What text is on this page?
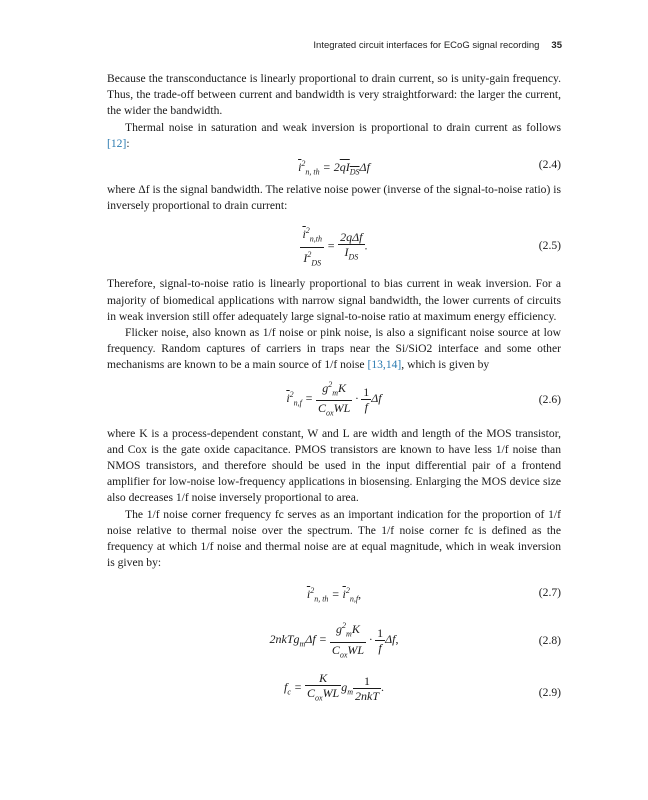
Integrated circuit interfaces for ECoG signal recording 35

Because the transconductance is linearly proportional to drain current, so is unity-gain frequency. Thus, the trade-off between current and bandwidth is very straightforward: the larger the current, the wider the bandwidth.

Thermal noise in saturation and weak inversion is proportional to drain current as follows [12]:

$\overline{i}^2_{n, th} = 2qI_{DS}\Delta f$	(2.4)

where Δf is the signal bandwidth. The relative noise power (inverse of the signal-to-noise ratio) is inversely proportional to drain current:

$\frac{\overline{i}^2_{n,th}}{I^2_{DS}} = \frac{\text{2qΔf}}{I_{DS}}$ .	(2.5)

Therefore, signal-to-noise ratio is linearly proportional to bias current in weak inversion. For a majority of biomedical applications with narrow signal bandwidth, the lower currents of circuits in weak inversion still offer adequately large signal-to-noise ratio at maximum energy efficiency.

Flicker noise, also known as 1/f noise or pink noise, is also a significant noise source at low frequency. Random captures of carriers in traps near the Si/SiO2 interface and some other mechanisms are known to be a main source of 1/f noise [13,14], which is given by

$\overline{i}^2_{n,f} = \frac{g^2_mK}{C_{ox}WL} \cdot \frac{1}{f}$ Δf	(2.6)

where K is a process-dependent constant, W and L are width and length of the MOS transistor, and Cox is the gate oxide capacitance. PMOS transistors are known to have less 1/f noise than NMOS transistors, and therefore should be used in the input differential pair of a frontend amplifier for low-noise low-frequency applications in biosensing. Enlarging the MOS device size also decreases 1/f noise inversely proportional to area.

The 1/f noise corner frequency fc serves as an important indication for the proportion of 1/f noise relative to thermal noise over the spectrum. The 1/f noise corner fc is defined as the frequency at which 1/f noise and thermal noise are at equal magnitude, which in weak inversion is given by:

$\overline{i}^2_{n, th} = \overline{i}^2_{n,f}$,	(2.7)
2nkTg$_m$Δf = $\frac{g^2_mK}{C_{ox}WL} \cdot \frac{1}{f} \Delta f$,	(2.8)
$f_c = \frac{K}{C_{ox}WL} g_m \frac{1}{\text{2nkT}}$ .	(2.9)
